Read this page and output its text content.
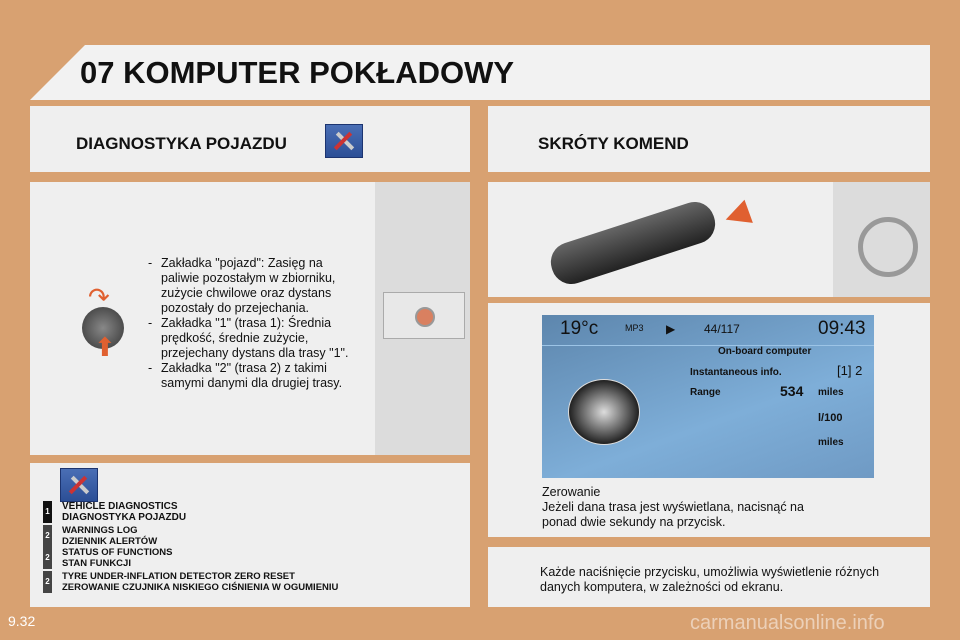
07 KOMPUTER POKŁADOWY
DIAGNOSTYKA POJAZDU	SKRÓTY KOMEND
↷
⬆
- Zakładka "pojazd": Zasięg na paliwie pozostałym w zbiorniku, zużycie chwilowe oraz dystans pozostały do przejechania.
- Zakładka "1" (trasa 1): Średnia prędkość, średnie zużycie, przejechany dystans dla trasy "1".
- Zakładka "2" (trasa 2) z takimi samymi danymi dla drugiej trasy.
1 VEHICLE DIAGNOSTICS
DIAGNOSTYKA POJAZDU
2 WARNINGS LOG
DZIENNIK ALERTÓW
2 STATUS OF FUNCTIONS
STAN FUNKCJI
2 TYRE UNDER-INFLATION DETECTOR ZERO RESET
ZEROWANIE CZUJNIKA NISKIEGO CIŚNIENIA W OGUMIENIU
◀
Zerowanie
Jeżeli dana trasa jest wyświetlana, nacisnąć na ponad dwie sekundy na przycisk.
19°c	MP3 ▶ 44/117	09:43
On-board computer
Instantaneous info.	[1] 2
Range	534 miles
l/100
miles
Każde naciśnięcie przycisku, umożliwia wyświetlenie różnych danych komputera, w zależności od ekranu.
9.32	carmanualsonline.info
